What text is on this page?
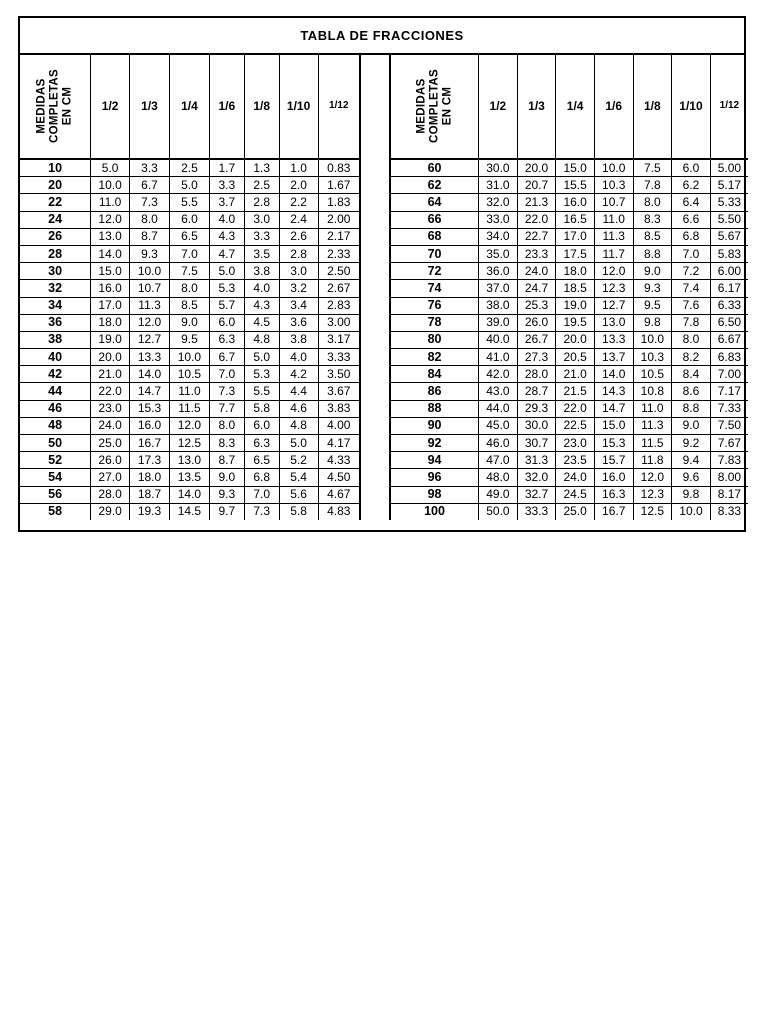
TABLA DE FRACCIONES
MEDIDAS COMPLETAS EN CM	1/2	1/3	1/4	1/6	1/8	1/10	1/12
10	5.0	3.3	2.5	1.7	1.3	1.0	0.83
20	10.0	6.7	5.0	3.3	2.5	2.0	1.67
22	11.0	7.3	5.5	3.7	2.8	2.2	1.83
24	12.0	8.0	6.0	4.0	3.0	2.4	2.00
26	13.0	8.7	6.5	4.3	3.3	2.6	2.17
28	14.0	9.3	7.0	4.7	3.5	2.8	2.33
30	15.0	10.0	7.5	5.0	3.8	3.0	2.50
32	16.0	10.7	8.0	5.3	4.0	3.2	2.67
34	17.0	11.3	8.5	5.7	4.3	3.4	2.83
36	18.0	12.0	9.0	6.0	4.5	3.6	3.00
38	19.0	12.7	9.5	6.3	4.8	3.8	3.17
40	20.0	13.3	10.0	6.7	5.0	4.0	3.33
42	21.0	14.0	10.5	7.0	5.3	4.2	3.50
44	22.0	14.7	11.0	7.3	5.5	4.4	3.67
46	23.0	15.3	11.5	7.7	5.8	4.6	3.83
48	24.0	16.0	12.0	8.0	6.0	4.8	4.00
50	25.0	16.7	12.5	8.3	6.3	5.0	4.17
52	26.0	17.3	13.0	8.7	6.5	5.2	4.33
54	27.0	18.0	13.5	9.0	6.8	5.4	4.50
56	28.0	18.7	14.0	9.3	7.0	5.6	4.67
58	29.0	19.3	14.5	9.7	7.3	5.8	4.83
MEDIDAS COMPLETAS EN CM	1/2	1/3	1/4	1/6	1/8	1/10	1/12
60	30.0	20.0	15.0	10.0	7.5	6.0	5.00
62	31.0	20.7	15.5	10.3	7.8	6.2	5.17
64	32.0	21.3	16.0	10.7	8.0	6.4	5.33
66	33.0	22.0	16.5	11.0	8.3	6.6	5.50
68	34.0	22.7	17.0	11.3	8.5	6.8	5.67
70	35.0	23.3	17.5	11.7	8.8	7.0	5.83
72	36.0	24.0	18.0	12.0	9.0	7.2	6.00
74	37.0	24.7	18.5	12.3	9.3	7.4	6.17
76	38.0	25.3	19.0	12.7	9.5	7.6	6.33
78	39.0	26.0	19.5	13.0	9.8	7.8	6.50
80	40.0	26.7	20.0	13.3	10.0	8.0	6.67
82	41.0	27.3	20.5	13.7	10.3	8.2	6.83
84	42.0	28.0	21.0	14.0	10.5	8.4	7.00
86	43.0	28.7	21.5	14.3	10.8	8.6	7.17
88	44.0	29.3	22.0	14.7	11.0	8.8	7.33
90	45.0	30.0	22.5	15.0	11.3	9.0	7.50
92	46.0	30.7	23.0	15.3	11.5	9.2	7.67
94	47.0	31.3	23.5	15.7	11.8	9.4	7.83
96	48.0	32.0	24.0	16.0	12.0	9.6	8.00
98	49.0	32.7	24.5	16.3	12.3	9.8	8.17
100	50.0	33.3	25.0	16.7	12.5	10.0	8.33
